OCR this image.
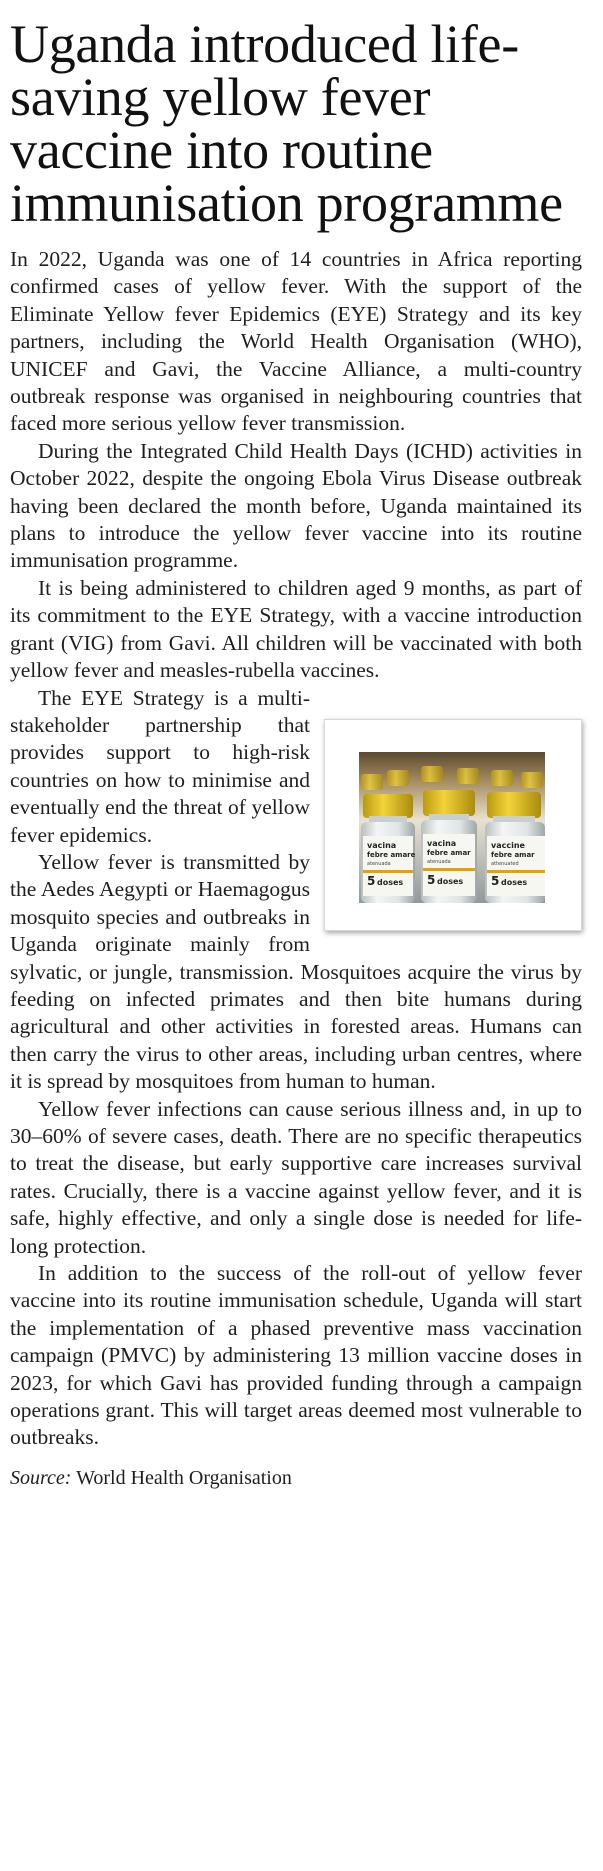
Uganda introduced life-saving yellow fever vaccine into routine immunisation programme

In 2022, Uganda was one of 14 countries in Africa reporting confirmed cases of yellow fever. With the support of the Eliminate Yellow fever Epidemics (EYE) Strategy and its key partners, including the World Health Organisation (WHO), UNICEF and Gavi, the Vaccine Alliance, a multi-country outbreak response was organised in neighbouring countries that faced more serious yellow fever transmission.

During the Integrated Child Health Days (ICHD) activities in October 2022, despite the ongoing Ebola Virus Disease outbreak having been declared the month before, Uganda maintained its plans to introduce the yellow fever vaccine into its routine immunisation programme.

It is being administered to children aged 9 months, as part of its commitment to the EYE Strategy, with a vaccine introduction grant (VIG) from Gavi. All children will be vaccinated with both yellow fever and measles-rubella vaccines.

vacina
febre amare
atenuada
5 doses
vacina
febre amar
atenuada
5 doses
vaccine
febre amar
attenuated
5 doses

The EYE Strategy is a multi-stakeholder partnership that provides support to high-risk countries on how to minimise and eventually end the threat of yellow fever epidemics.

Yellow fever is transmitted by the Aedes Aegypti or Haemagogus mosquito species and outbreaks in Uganda originate mainly from sylvatic, or jungle, transmission. Mosquitoes acquire the virus by feeding on infected primates and then bite humans during agricultural and other activities in forested areas. Humans can then carry the virus to other areas, including urban centres, where it is spread by mosquitoes from human to human.

Yellow fever infections can cause serious illness and, in up to 30–60% of severe cases, death. There are no specific therapeutics to treat the disease, but early supportive care increases survival rates. Crucially, there is a vaccine against yellow fever, and it is safe, highly effective, and only a single dose is needed for life-long protection.

In addition to the success of the roll-out of yellow fever vaccine into its routine immunisation schedule, Uganda will start the implementation of a phased preventive mass vaccination campaign (PMVC) by administering 13 million vaccine doses in 2023, for which Gavi has provided funding through a campaign operations grant. This will target areas deemed most vulnerable to outbreaks.

Source: World Health Organisation
